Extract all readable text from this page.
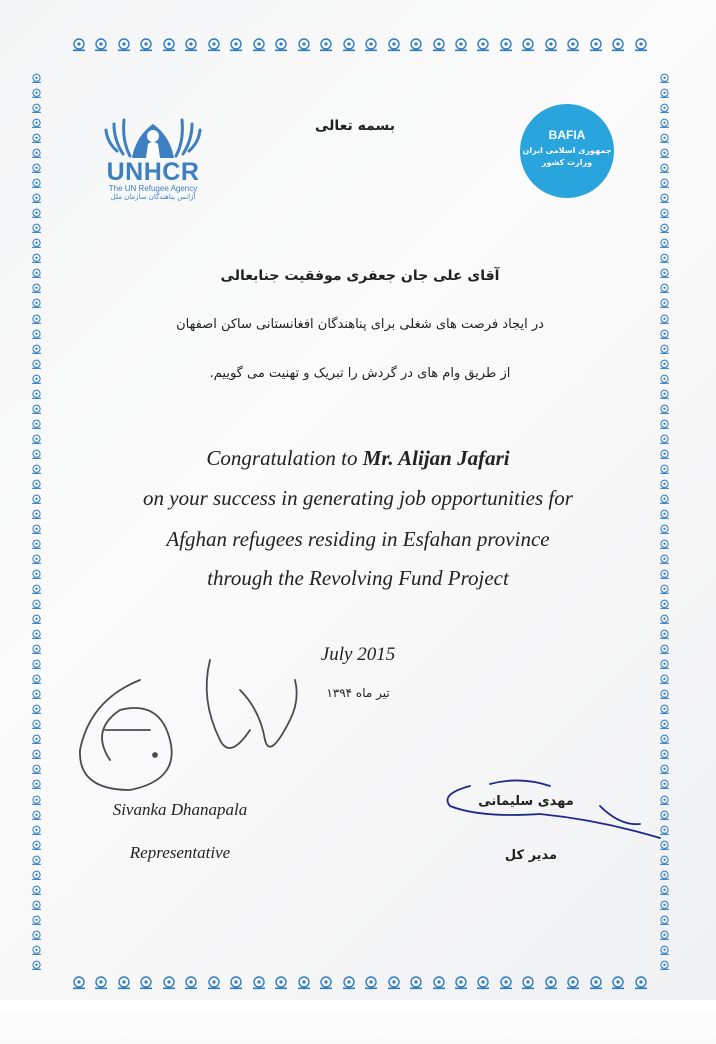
UNHCR
The UN Refugee Agency
آژانس پناهندگان سازمان ملل
بسمه تعالی
BAFIA
جمهوری اسلامی ایران
وزارت کشور
آقای علی جان جعفری موفقیت جنابعالی
در ایجاد فرصت های شغلی برای پناهندگان افغانستانی ساکن اصفهان
از طریق وام های در گردش را تبریک و تهنیت می گوییم.
Congratulation to Mr. Alijan Jafari
on your success in generating job opportunities for
Afghan refugees residing in Esfahan province
through the Revolving Fund Project
July 2015
تیر ماه ۱۳۹۴
Sivanka Dhanapala
Representative
مهدی سلیمانی
مدیر کل
